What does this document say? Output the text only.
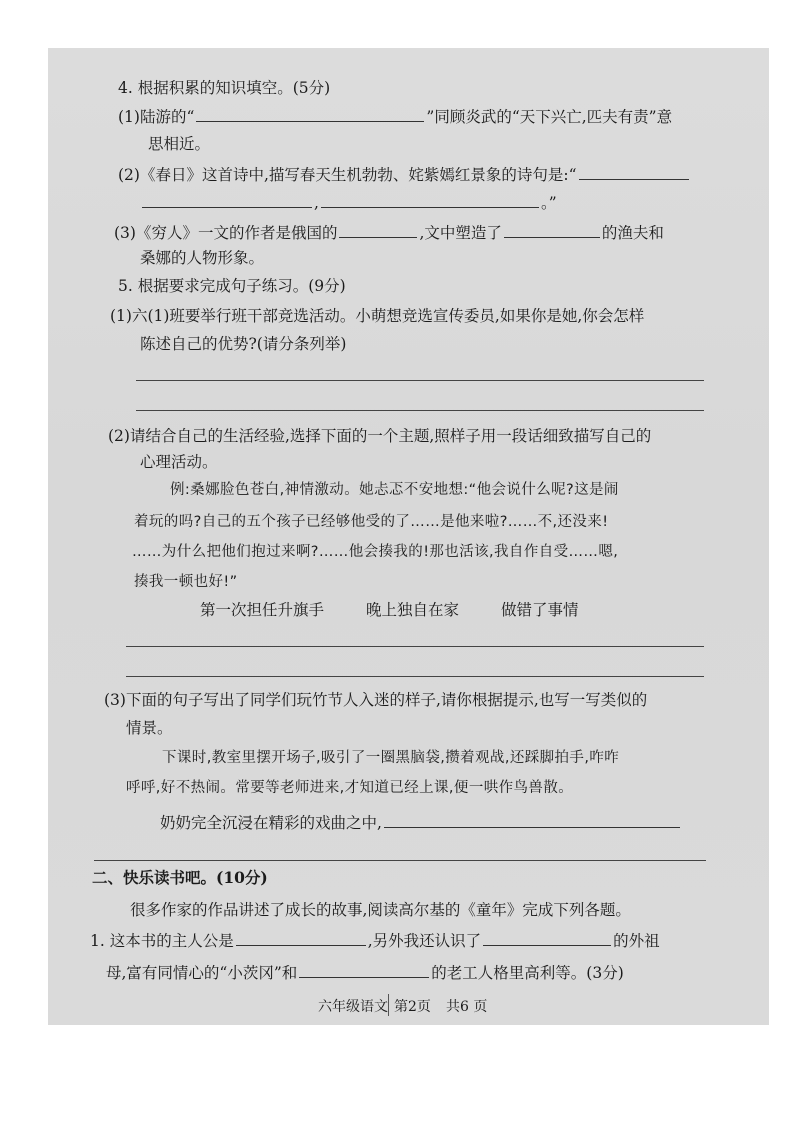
4. 根据积累的知识填空。(5分)
(1)陆游的“	”同顾炎武的“天下兴亡,匹夫有责”意
思相近。
(2)《春日》这首诗中,描写春天生机勃勃、姹紫嫣红景象的诗句是:“
,	。”
(3)《穷人》一文的作者是俄国的	,文中塑造了	的渔夫和
桑娜的人物形象。
5. 根据要求完成句子练习。(9分)
(1)六(1)班要举行班干部竞选活动。小萌想竞选宣传委员,如果你是她,你会怎样
陈述自己的优势?(请分条列举)
(2)请结合自己的生活经验,选择下面的一个主题,照样子用一段话细致描写自己的
心理活动。
例:桑娜脸色苍白,神情激动。她忐忑不安地想:“他会说什么呢?这是闹
着玩的吗?自己的五个孩子已经够他受的了……是他来啦?……不,还没来!
……为什么把他们抱过来啊?……他会揍我的!那也活该,我自作自受……嗯,
揍我一顿也好!”
第一次担任升旗手	晚上独自在家	做错了事情
(3)下面的句子写出了同学们玩竹节人入迷的样子,请你根据提示,也写一写类似的
情景。
下课时,教室里摆开场子,吸引了一圈黑脑袋,攒着观战,还踩脚拍手,咋咋
呼呼,好不热闹。常要等老师进来,才知道已经上课,便一哄作鸟兽散。
奶奶完全沉浸在精彩的戏曲之中,
二、快乐读书吧。(10分)
很多作家的作品讲述了成长的故事,阅读高尔基的《童年》完成下列各题。
1. 这本书的主人公是	,另外我还认识了	的外祖
母,富有同情心的“小茨冈”和	的老工人格里高利等。(3分)
六年级语文 第2页 共6 页
